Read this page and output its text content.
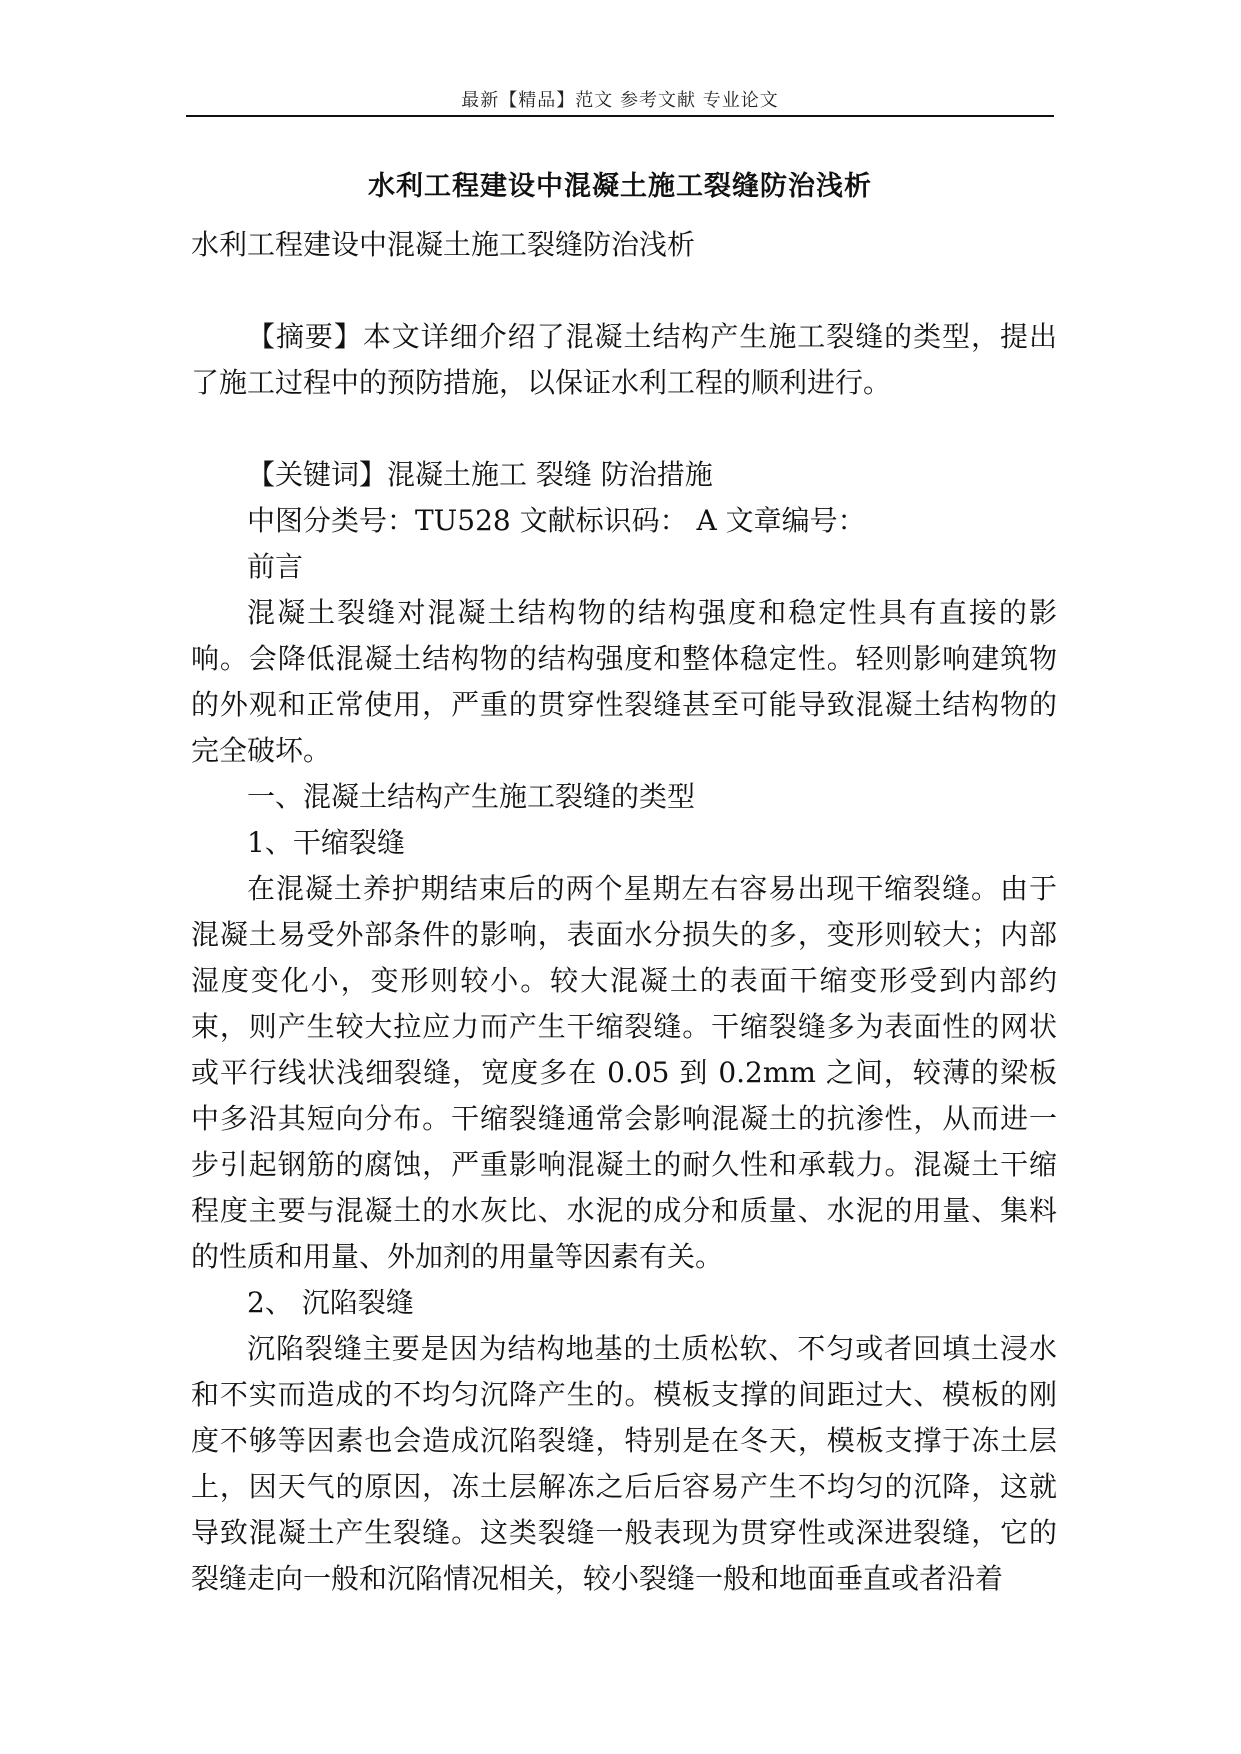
最新【精品】范文 参考文献 专业论文
水利工程建设中混凝土施工裂缝防治浅析

水利工程建设中混凝土施工裂缝防治浅析

【摘要】本文详细介绍了混凝土结构产生施工裂缝的类型，提出了施工过程中的预防措施，以保证水利工程的顺利进行。

【关键词】混凝土施工 裂缝 防治措施

中图分类号：TU528 文献标识码： A 文章编号：

前言

混凝土裂缝对混凝土结构物的结构强度和稳定性具有直接的影响。会降低混凝土结构物的结构强度和整体稳定性。轻则影响建筑物的外观和正常使用，严重的贯穿性裂缝甚至可能导致混凝土结构物的完全破坏。

一、混凝土结构产生施工裂缝的类型

1、干缩裂缝

在混凝土养护期结束后的两个星期左右容易出现干缩裂缝。由于混凝土易受外部条件的影响，表面水分损失的多，变形则较大；内部湿度变化小，变形则较小。较大混凝土的表面干缩变形受到内部约束，则产生较大拉应力而产生干缩裂缝。干缩裂缝多为表面性的网状或平行线状浅细裂缝，宽度多在 0.05 到 0.2mm 之间，较薄的梁板中多沿其短向分布。干缩裂缝通常会影响混凝土的抗渗性，从而进一步引起钢筋的腐蚀，严重影响混凝土的耐久性和承载力。混凝土干缩程度主要与混凝土的水灰比、水泥的成分和质量、水泥的用量、集料的性质和用量、外加剂的用量等因素有关。

2、 沉陷裂缝

沉陷裂缝主要是因为结构地基的土质松软、不匀或者回填土浸水和不实而造成的不均匀沉降产生的。模板支撑的间距过大、模板的刚度不够等因素也会造成沉陷裂缝，特别是在冬天，模板支撑于冻土层上，因天气的原因，冻土层解冻之后后容易产生不均匀的沉降，这就导致混凝土产生裂缝。这类裂缝一般表现为贯穿性或深进裂缝，它的裂缝走向一般和沉陷情况相关，较小裂缝一般和地面垂直或者沿着
